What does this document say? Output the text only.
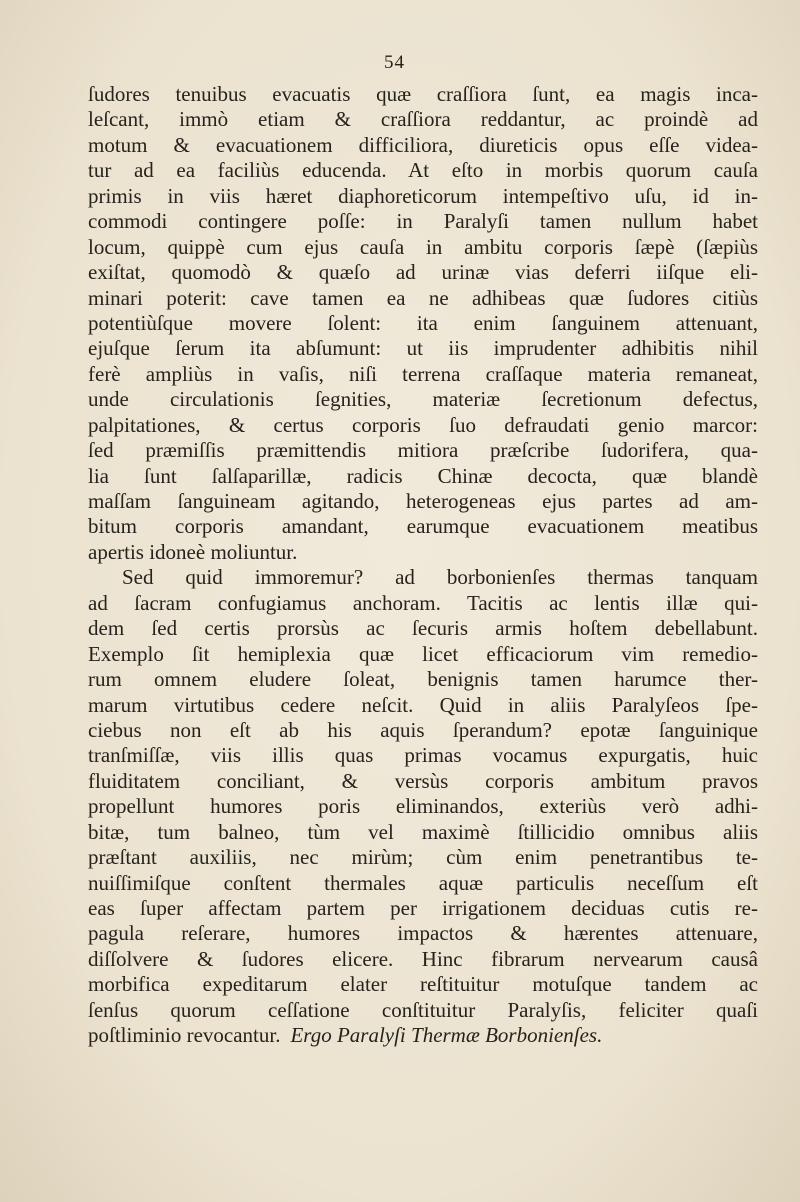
54
ſudores tenuibus evacuatis quæ craſſiora ſunt, ea magis inca-
leſcant, immò etiam & craſſiora reddantur, ac proindè ad
motum & evacuationem difficiliora, diureticis opus eſſe videa-
tur ad ea faciliùs educenda. At eſto in morbis quorum cauſa
primis in viis hæret diaphoreticorum intempeſtivo uſu, id in-
commodi contingere poſſe: in Paralyſi tamen nullum habet
locum, quippè cum ejus cauſa in ambitu corporis ſæpè (ſæpiùs
exiſtat, quomodò & quæſo ad urinæ vias deferri iiſque eli-
minari poterit: cave tamen ea ne adhibeas quæ ſudores citiùs
potentiùſque movere ſolent: ita enim ſanguinem attenuant,
ejuſque ſerum ita abſumunt: ut iis imprudenter adhibitis nihil
ferè ampliùs in vaſis, niſi terrena craſſaque materia remaneat,
unde circulationis ſegnities, materiæ ſecretionum defectus,
palpitationes, & certus corporis ſuo defraudati genio marcor:
ſed præmiſſis præmittendis mitiora præſcribe ſudorifera, qua-
lia ſunt ſalſaparillæ, radicis Chinæ decocta, quæ blandè
maſſam ſanguineam agitando, heterogeneas ejus partes ad am-
bitum corporis amandant, earumque evacuationem meatibus
apertis idoneè moliuntur.
Sed quid immoremur? ad borbonienſes thermas tanquam
ad ſacram confugiamus anchoram. Tacitis ac lentis illæ qui-
dem ſed certis prorsùs ac ſecuris armis hoſtem debellabunt.
Exemplo ſit hemiplexia quæ licet efficaciorum vim remedio-
rum omnem eludere ſoleat, benignis tamen harumce ther-
marum virtutibus cedere neſcit. Quid in aliis Paralyſeos ſpe-
ciebus non eſt ab his aquis ſperandum? epotæ ſanguinique
tranſmiſſæ, viis illis quas primas vocamus expurgatis, huic
fluiditatem conciliant, & versùs corporis ambitum pravos
propellunt humores poris eliminandos, exteriùs verò adhi-
bitæ, tum balneo, tùm vel maximè ſtillicidio omnibus aliis
præſtant auxiliis, nec mirùm; cùm enim penetrantibus te-
nuiſſimiſque conſtent thermales aquæ particulis neceſſum eſt
eas ſuper affectam partem per irrigationem deciduas cutis re-
pagula reſerare, humores impactos & hærentes attenuare,
diſſolvere & ſudores elicere. Hinc fibrarum nervearum causâ
morbifica expeditarum elater reſtituitur motuſque tandem ac
ſenſus quorum ceſſatione conſtituitur Paralyſis, feliciter quaſi
poſtliminio revocantur. Ergo Paralyſi Thermæ Borbonienſes.
